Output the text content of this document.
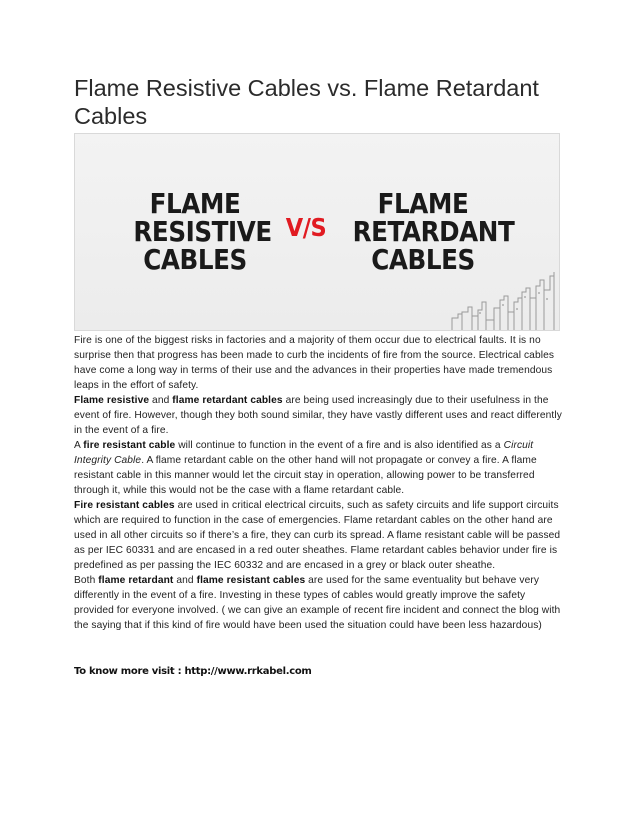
Flame Resistive Cables vs. Flame Retardant Cables
FLAME
RESISTIVE
CABLES
V/S
FLAME
RETARDANT
CABLES

Fire is one of the biggest risks in factories and a majority of them occur due to electrical faults. It is no surprise then that progress has been made to curb the incidents of fire from the source. Electrical cables have come a long way in terms of their use and the advances in their properties have made tremendous leaps in the effort of safety.

Flame resistive and flame retardant cables are being used increasingly due to their usefulness in the event of fire. However, though they both sound similar, they have vastly different uses and react differently in the event of a fire.

A fire resistant cable will continue to function in the event of a fire and is also identified as a Circuit Integrity Cable. A flame retardant cable on the other hand will not propagate or convey a fire. A flame resistant cable in this manner would let the circuit stay in operation, allowing power to be transferred through it, while this would not be the case with a flame retardant cable.

Fire resistant cables are used in critical electrical circuits, such as safety circuits and life support circuits which are required to function in the case of emergencies. Flame retardant cables on the other hand are used in all other circuits so if there’s a fire, they can curb its spread. A flame resistant cable will be passed as per IEC 60331 and are encased in a red outer sheathes. Flame retardant cables behavior under fire is predefined as per passing the IEC 60332 and are encased in a grey or black outer sheathe.

Both flame retardant and flame resistant cables are used for the same eventuality but behave very differently in the event of a fire. Investing in these types of cables would greatly improve the safety provided for everyone involved. ( we can give an example of recent fire incident and connect the blog with the saying that if this kind of fire would have been used the situation could have been less hazardous)

To know more visit : http://www.rrkabel.com
